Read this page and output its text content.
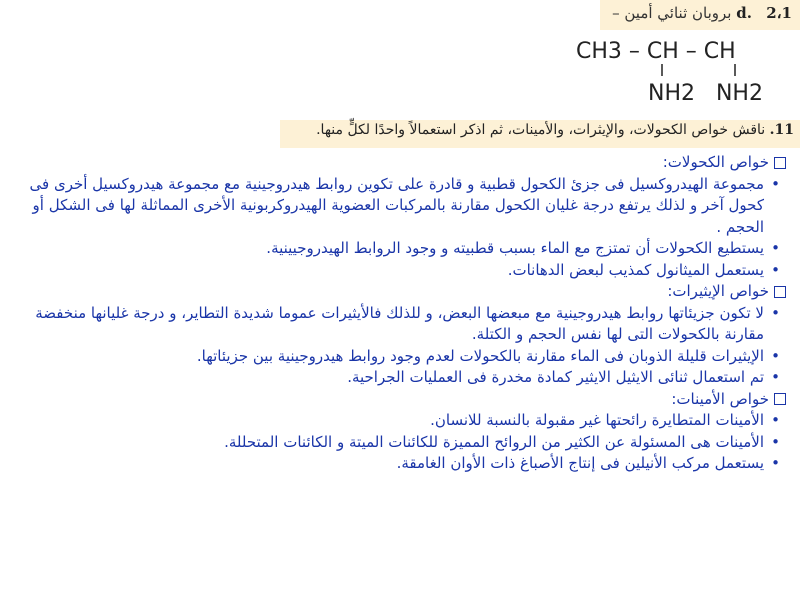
d. 2،1 بروبان ثنائي أمين –
CH3 – CH – CH
NH2   NH2
11. ناقش خواص الكحولات، والإيثرات، والأمينات، ثم اذكر استعمالاً واحدًا لكلٍّ منها.
خواص الكحولات:
• مجموعة الهيدروكسيل فى جزئ الكحول قطبية و قادرة على تكوين روابط هيدروجينية مع مجموعة هيدروكسيل أخرى فى كحول آخر و لذلك يرتفع درجة غليان الكحول مقارنة بالمركبات العضوية الهيدروكربونية الأخرى المماثلة لها فى الشكل أو الحجم .
• يستطيع الكحولات أن تمتزج مع الماء بسبب قطبيته و وجود الروابط الهيدروجيينية.
• يستعمل الميثانول كمذيب لبعض الدهانات.
خواص الإيثيرات:
• لا تكون جزيئاتها روابط هيدروجينية مع مبعضها البعض، و للذلك فالأيثيرات عموما شديدة التطاير، و درجة غليانها منخفضة مقارنة بالكحولات التى لها نفس الحجم و الكتلة.
• الإيثيرات قليلة الذوبان فى الماء مقارنة بالكحولات لعدم وجود روابط هيدروجينية بين جزيئاتها.
• تم استعمال ثنائى الايثيل الايثير كمادة مخدرة فى العمليات الجراحية.
خواص الأمينات:
• الأمينات المتطايرة رائحتها غير مقبولة بالنسبة للانسان.
• الأمينات هى المسئولة عن الكثير من الروائح المميزة للكائنات الميتة و الكائنات المتحللة.
• يستعمل مركب الأنيلين فى إنتاج الأصباغ ذات الأوان الغامقة.
